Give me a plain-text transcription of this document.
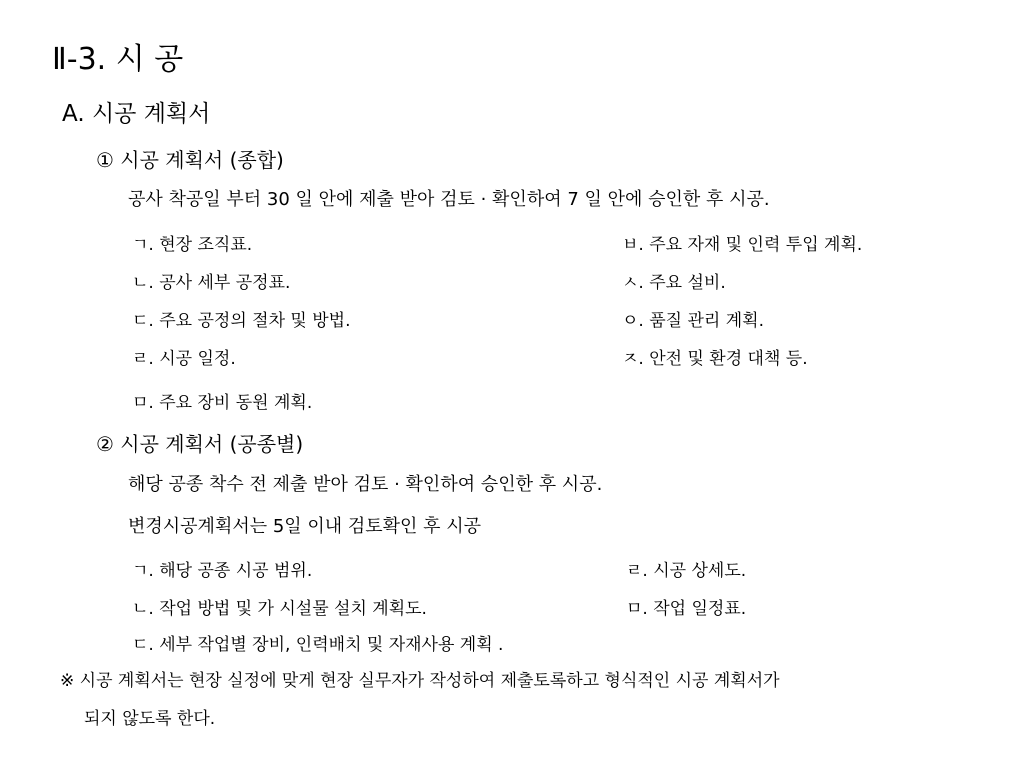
Ⅱ-3. 시 공
A. 시공 계획서
① 시공 계획서 (종합)
공사 착공일 부터 30 일 안에 제출 받아 검토 · 확인하여 7 일 안에 승인한 후 시공.
ㄱ. 현장 조직표.
ㄴ. 공사 세부 공정표.
ㄷ. 주요 공정의 절차 및 방법.
ㄹ. 시공 일정.
ㅁ. 주요 장비 동원 계획.
ㅂ. 주요 자재 및 인력 투입 계획.
ㅅ. 주요 설비.
ㅇ. 품질 관리 계획.
ㅈ. 안전 및 환경 대책 등.
② 시공 계획서 (공종별)
해당 공종 착수 전 제출 받아 검토 · 확인하여 승인한 후 시공.
변경시공계획서는 5일 이내 검토확인 후 시공
ㄱ. 해당 공종 시공 범위.
ㄴ. 작업 방법 및 가 시설물 설치 계획도.
ㄷ. 세부 작업별 장비, 인력배치 및 자재사용 계획 .
ㄹ. 시공 상세도.
ㅁ. 작업 일정표.
※ 시공 계획서는 현장 실정에 맞게 현장 실무자가 작성하여 제출토록하고 형식적인 시공 계획서가
되지 않도록 한다.
